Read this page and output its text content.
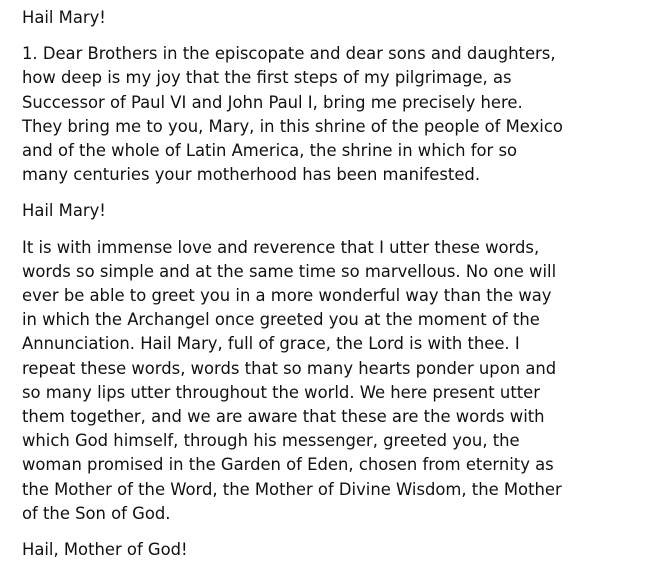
Hail Mary!

1. Dear Brothers in the episcopate and dear sons and daughters,
how deep is my joy that the first steps of my pilgrimage, as
Successor of Paul VI and John Paul I, bring me precisely here.
They bring me to you, Mary, in this shrine of the people of Mexico
and of the whole of Latin America, the shrine in which for so
many centuries your motherhood has been manifested.

Hail Mary!

It is with immense love and reverence that I utter these words,
words so simple and at the same time so marvellous. No one will
ever be able to greet you in a more wonderful way than the way
in which the Archangel once greeted you at the moment of the
Annunciation. Hail Mary, full of grace, the Lord is with thee. I
repeat these words, words that so many hearts ponder upon and
so many lips utter throughout the world. We here present utter
them together, and we are aware that these are the words with
which God himself, through his messenger, greeted you, the
woman promised in the Garden of Eden, chosen from eternity as
the Mother of the Word, the Mother of Divine Wisdom, the Mother
of the Son of God.

Hail, Mother of God!
